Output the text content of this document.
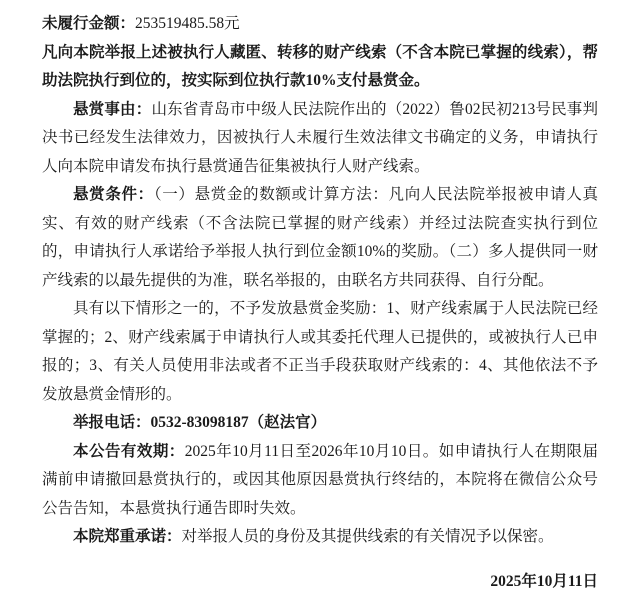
未履行金额：253519485.58元

凡向本院举报上述被执行人藏匿、转移的财产线索（不含本院已掌握的线索），帮助法院执行到位的，按实际到位执行款10%支付悬赏金。

悬赏事由：山东省青岛市中级人民法院作出的（2022）鲁02民初213号民事判决书已经发生法律效力，因被执行人未履行生效法律文书确定的义务，申请执行人向本院申请发布执行悬赏通告征集被执行人财产线索。

悬赏条件：（一）悬赏金的数额或计算方法：凡向人民法院举报被申请人真实、有效的财产线索（不含法院已掌握的财产线索）并经过法院查实执行到位的，申请执行人承诺给予举报人执行到位金额10%的奖励。（二）多人提供同一财产线索的以最先提供的为准，联名举报的，由联名方共同获得、自行分配。

具有以下情形之一的，不予发放悬赏金奖励：1、财产线索属于人民法院已经掌握的；2、财产线索属于申请执行人或其委托代理人已提供的，或被执行人已申报的；3、有关人员使用非法或者不正当手段获取财产线索的：4、其他依法不予发放悬赏金情形的。

举报电话：0532-83098187（赵法官）

本公告有效期：2025年10月11日至2026年10月10日。如申请执行人在期限届满前申请撤回悬赏执行的，或因其他原因悬赏执行终结的，本院将在微信公众号公告告知，本悬赏执行通告即时失效。

本院郑重承诺：对举报人员的身份及其提供线索的有关情况予以保密。

2025年10月11日
